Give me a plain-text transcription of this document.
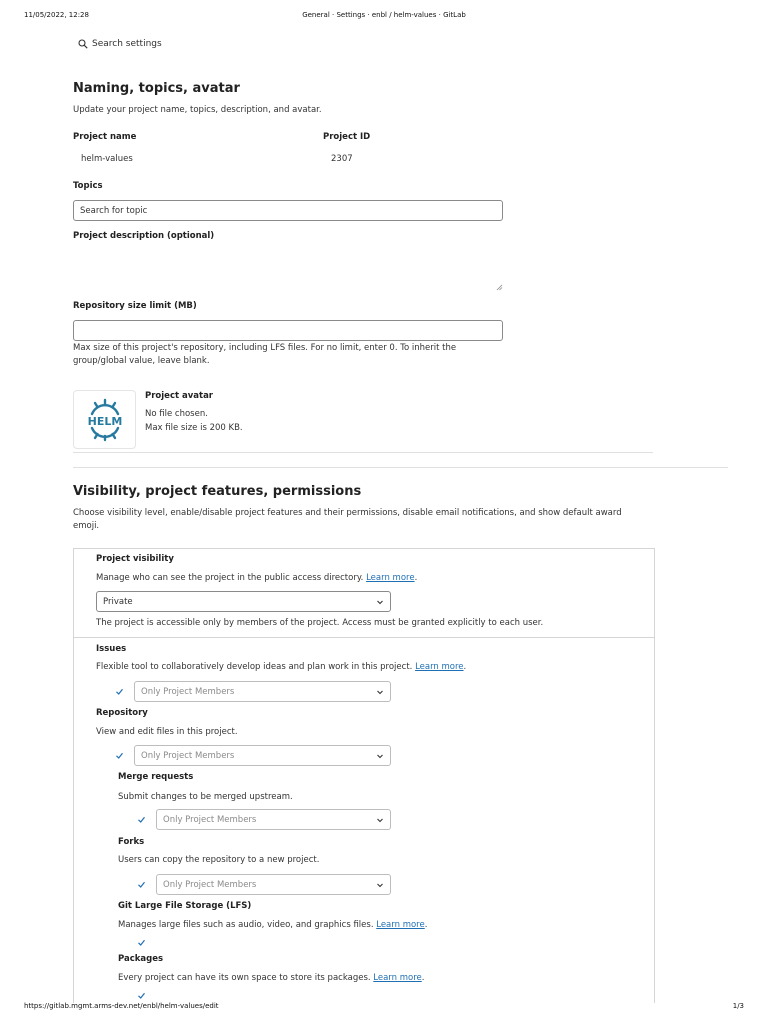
11/05/2022, 12:28	General · Settings · enbl / helm-values · GitLab
https://gitlab.mgmt.arms-dev.net/enbl/helm-values/edit	1/3
Search settings
Naming, topics, avatar
Update your project name, topics, description, and avatar.
Project name
helm-values
Project ID
2307
Topics
Search for topic
Project description (optional)
Repository size limit (MB)
Max size of this project's repository, including LFS files. For no limit, enter 0. To inherit the
group/global value, leave blank.
HELM
Project avatar
No file chosen.
Max file size is 200 KB.
Visibility, project features, permissions
Choose visibility level, enable/disable project features and their permissions, disable email notifications, and show default award
emoji.
Project visibility
Manage who can see the project in the public access directory. Learn more.
Private
The project is accessible only by members of the project. Access must be granted explicitly to each user.
Issues
Flexible tool to collaboratively develop ideas and plan work in this project. Learn more.
Only Project Members
Repository
View and edit files in this project.
Only Project Members
Merge requests
Submit changes to be merged upstream.
Only Project Members
Forks
Users can copy the repository to a new project.
Only Project Members
Git Large File Storage (LFS)
Manages large files such as audio, video, and graphics files. Learn more.
Packages
Every project can have its own space to store its packages. Learn more.
